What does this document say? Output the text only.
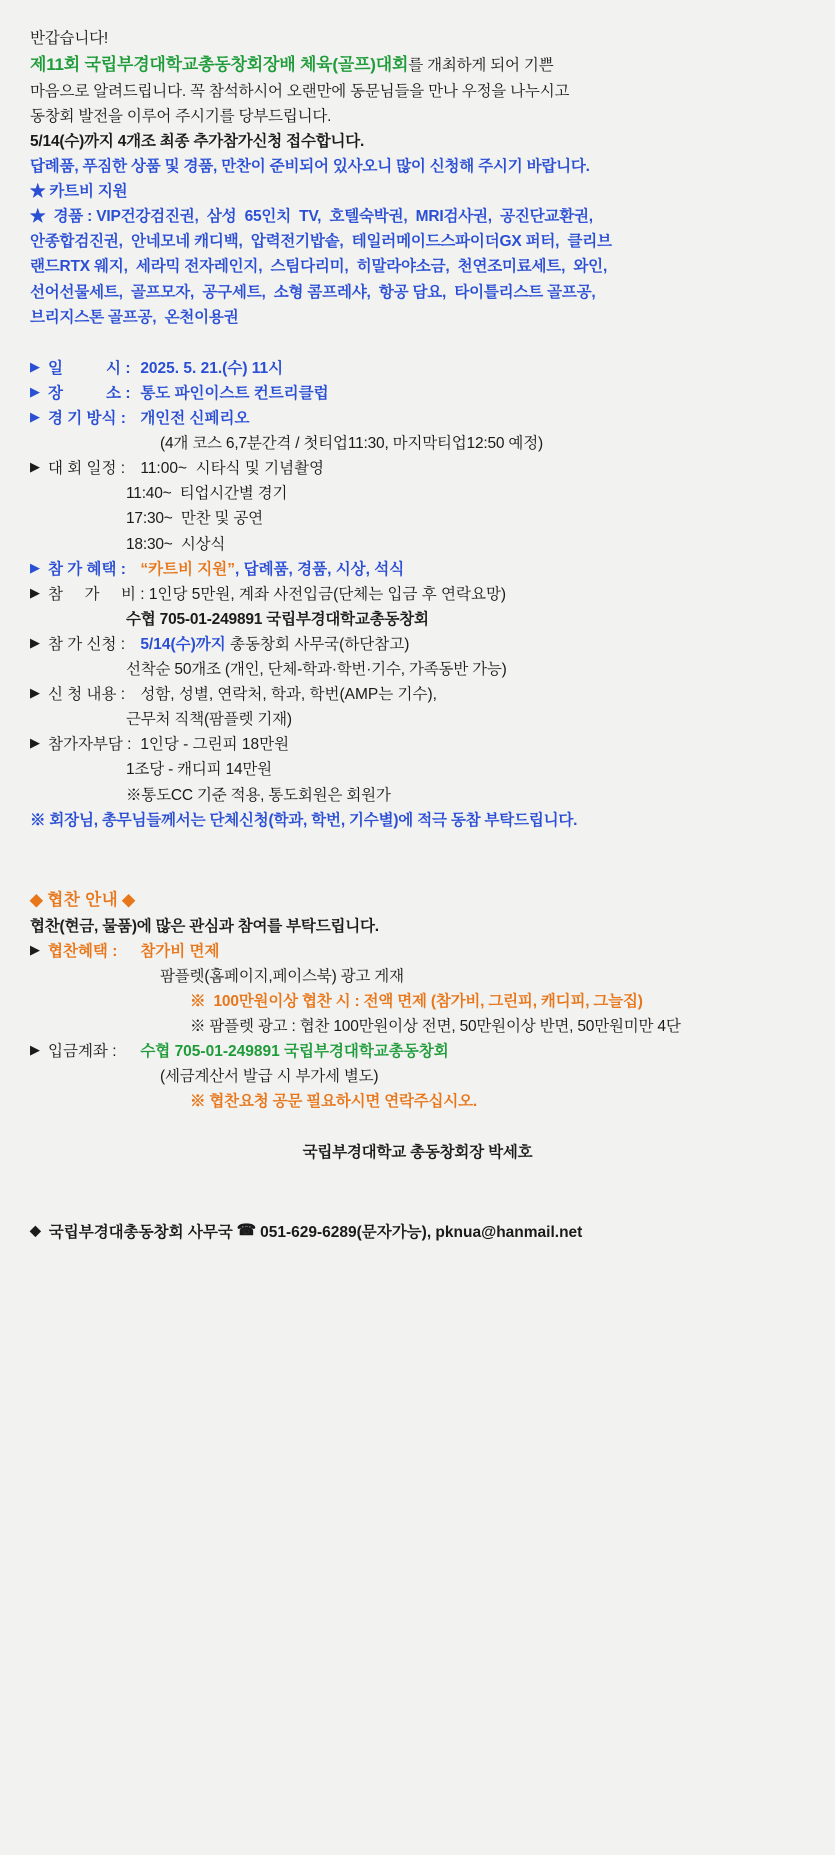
반갑습니다!
제11회 국립부경대학교총동창회장배 체육(골프)대회를 개최하게 되어 기쁜
마음으로 알려드립니다. 꼭 참석하시어 오랜만에 동문님들을 만나 우정을 나누시고
동창회 발전을 이루어 주시기를 당부드립니다.
5/14(수)까지 4개조 최종 추가참가신청 접수합니다.
답례품, 푸짐한 상품 및 경품, 만찬이 준비되어 있사오니 많이 신청해 주시기 바랍니다.
★ 카트비 지원
★  경품 : VIP건강검진권,  삼성  65인치  TV,  호텔숙박권,  MRI검사권,  공진단교환권,
안종합검진권,  안네모네 캐디백,  압력전기밥솥,  테일러메이드스파이더GX 퍼터,  클리브
랜드RTX 웨지,  세라믹 전자레인지,  스팀다리미,  히말라야소금,  천연조미료세트,  와인,
선어선물세트,  골프모자,  공구세트,  소형 콤프레샤,  항공 담요,  타이틀리스트 골프공,
브리지스톤 골프공,  온천이용권
▶ 일          시 : 2025. 5. 21.(수) 11시
▶ 장          소 : 통도 파인이스트 컨트리클럽
▶ 경 기 방식 : 개인전 신페리오
(4개 코스 6,7분간격 / 첫티업11:30, 마지막티업12:50 예정)
▶ 대 회 일정 : 11:00~  시타식 및 기념촬영
11:40~  티업시간별 경기
17:30~  만찬 및 공연
18:30~  시상식
▶ 참 가 혜택 : “카트비 지원”, 답례품, 경품, 시상, 석식
▶ 참     가     비 : 1인당 5만원, 계좌 사전입금(단체는 입금 후 연락요망)
수협 705-01-249891 국립부경대학교총동창회
▶ 참 가 신청 : 5/14(수)까지 총동창회 사무국(하단참고)
선착순 50개조 (개인, 단체-학과·학번·기수, 가족동반 가능)
▶ 신 청 내용 : 성함, 성별, 연락처, 학과, 학번(AMP는 기수),
근무처 직책(팜플렛 기재)
▶ 참가자부담 : 1인당 - 그린피 18만원
1조당 - 캐디피 14만원
※통도CC 기준 적용, 통도회원은 회원가
※ 회장님, 총무님들께서는 단체신청(학과, 학번, 기수별)에 적극 동참 부탁드립니다.
◆ 협찬 안내 ◆
협찬(현금, 물품)에 많은 관심과 참여를 부탁드립니다.
▶ 협찬혜택 : 참가비 면제
팜플렛(홈페이지,페이스북) 광고 게재
※  100만원이상 협찬 시 : 전액 면제 (참가비, 그린피, 캐디피, 그늘집)
※ 팜플렛 광고 : 협찬 100만원이상 전면, 50만원이상 반면, 50만원미만 4단
▶ 입금계좌 : 수협 705-01-249891 국립부경대학교총동창회
(세금계산서 발급 시 부가세 별도)
※ 협찬요청 공문 필요하시면 연락주십시오.
국립부경대학교 총동창회장 박세호
◆ 국립부경대총동창회 사무국 ☎ 051-629-6289(문자가능), pknua@hanmail.net
